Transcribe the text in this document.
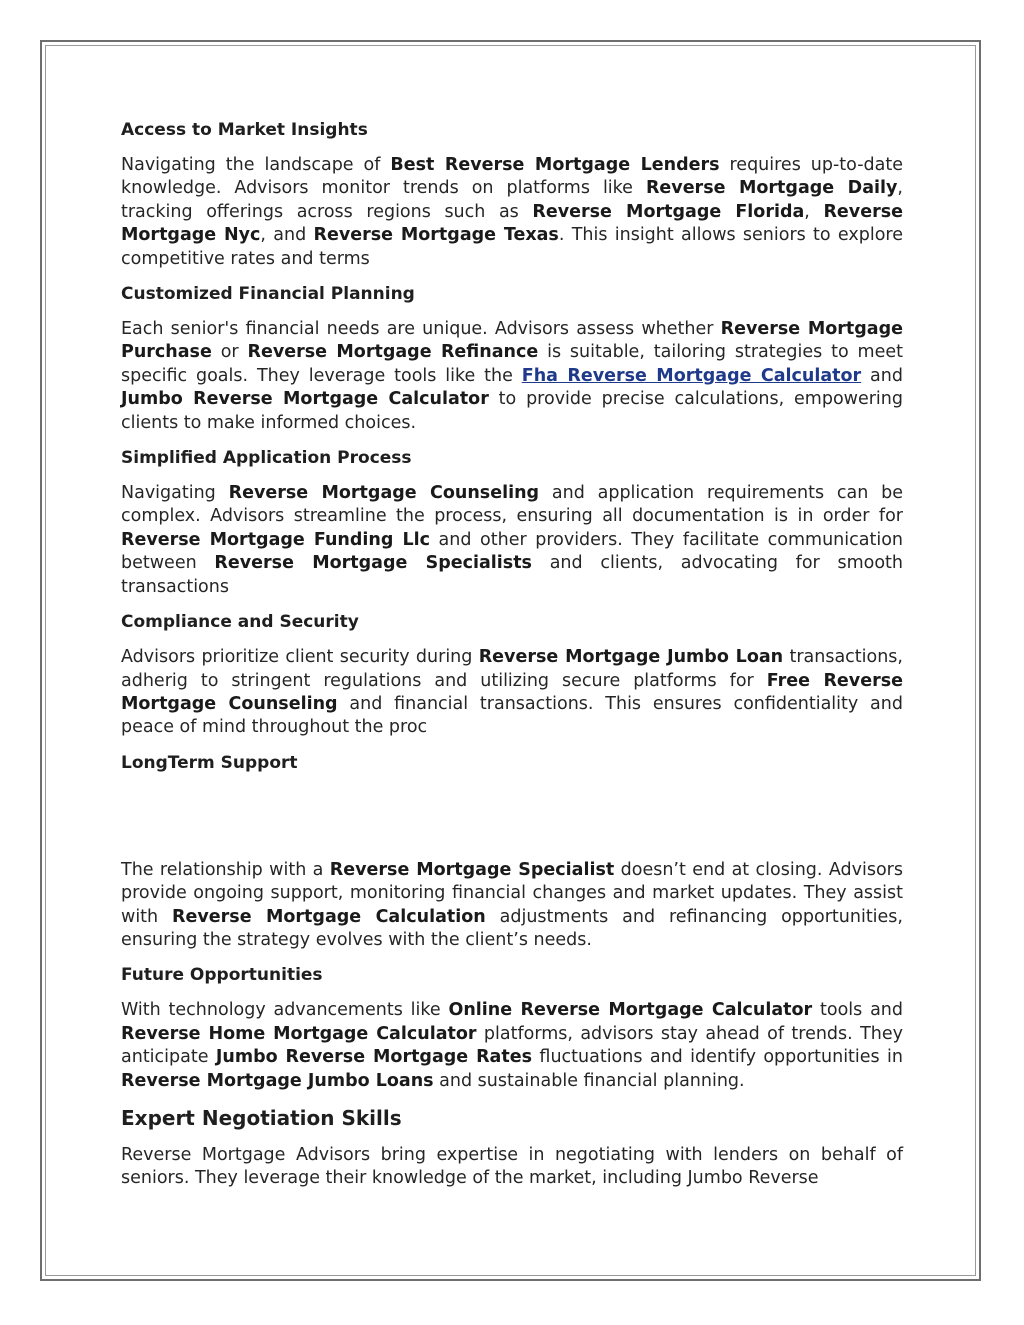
Access to Market Insights

Navigating the landscape of Best Reverse Mortgage Lenders requires up-to-date knowledge. Advisors monitor trends on platforms like Reverse Mortgage Daily, tracking offerings across regions such as Reverse Mortgage Florida, Reverse Mortgage Nyc, and Reverse Mortgage Texas. This insight allows seniors to explore competitive rates and terms

Customized Financial Planning

Each senior's financial needs are unique. Advisors assess whether Reverse Mortgage Purchase or Reverse Mortgage Refinance is suitable, tailoring strategies to meet specific goals. They leverage tools like the Fha Reverse Mortgage Calculator and Jumbo Reverse Mortgage Calculator to provide precise calculations, empowering clients to make informed choices.

Simplified Application Process

Navigating Reverse Mortgage Counseling and application requirements can be complex. Advisors streamline the process, ensuring all documentation is in order for Reverse Mortgage Funding Llc and other providers. They facilitate communication between Reverse Mortgage Specialists and clients, advocating for smooth transactions

Compliance and Security

Advisors prioritize client security during Reverse Mortgage Jumbo Loan transactions, adherig to stringent regulations and utilizing secure platforms for Free Reverse Mortgage Counseling and financial transactions. This ensures confidentiality and peace of mind throughout the proc

LongTerm Support

The relationship with a Reverse Mortgage Specialist doesn’t end at closing. Advisors provide ongoing support, monitoring financial changes and market updates. They assist with Reverse Mortgage Calculation adjustments and refinancing opportunities, ensuring the strategy evolves with the client’s needs.

Future Opportunities

With technology advancements like Online Reverse Mortgage Calculator tools and Reverse Home Mortgage Calculator platforms, advisors stay ahead of trends. They anticipate Jumbo Reverse Mortgage Rates fluctuations and identify opportunities in Reverse Mortgage Jumbo Loans and sustainable financial planning.

Expert Negotiation Skills

Reverse Mortgage Advisors bring expertise in negotiating with lenders on behalf of seniors. They leverage their knowledge of the market, including Jumbo Reverse
